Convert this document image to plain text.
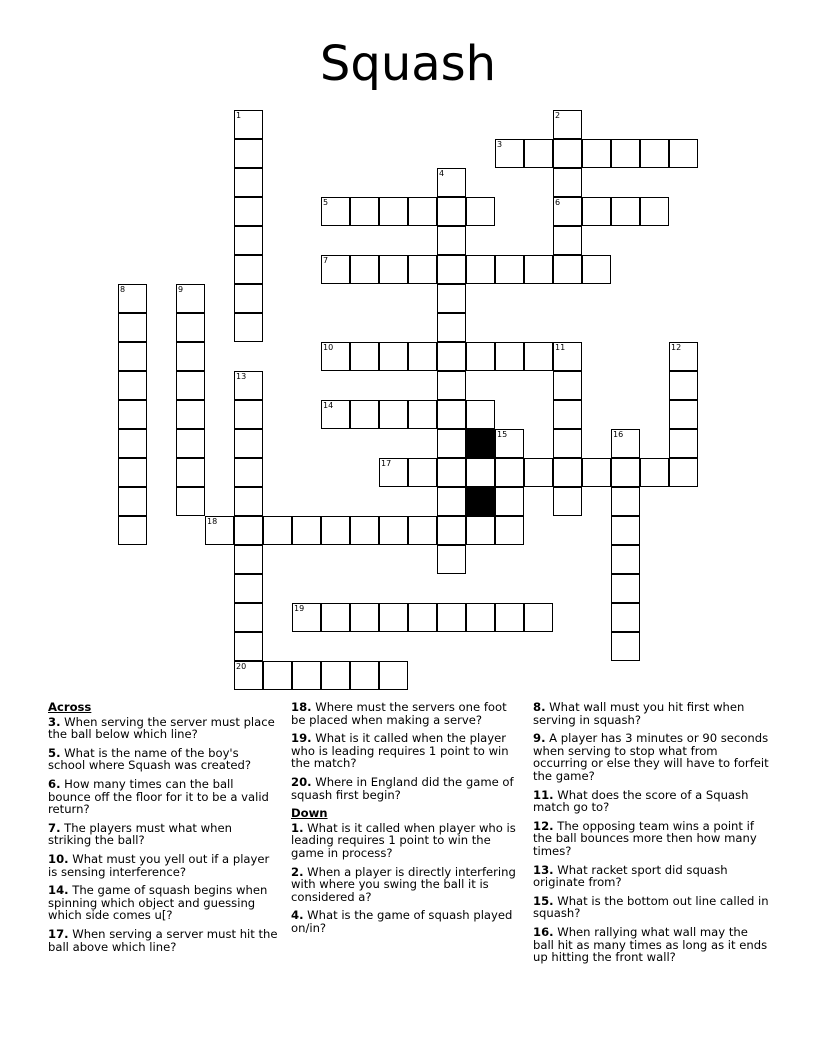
Squash
3
5	6
7
10	11
14
17
18
19
20
1	2
4
8	9
12
13
15	16
Across
3. When serving the server must place the ball below which line?
5. What is the name of the boy's school where Squash was created?
6. How many times can the ball bounce off the floor for it to be a valid return?
7. The players must what when striking the ball?
10. What must you yell out if a player is sensing interference?
14. The game of squash begins when spinning which object and guessing which side comes u[?
17. When serving a server must hit the ball above which line?
18. Where must the servers one foot be placed when making a serve?
19. What is it called when the player who is leading requires 1 point to win the match?
20. Where in England did the game of squash first begin?
Down
1. What is it called when player who is leading requires 1 point to win the game in process?
2. When a player is directly interfering with where you swing the ball it is considered a?
4. What is the game of squash played on/in?
8. What wall must you hit first when serving in squash?
9. A player has 3 minutes or 90 seconds when serving to stop what from occurring or else they will have to forfeit the game?
11. What does the score of a Squash match go to?
12. The opposing team wins a point if the ball bounces more then how many times?
13. What racket sport did squash originate from?
15. What is the bottom out line called in squash?
16. When rallying what wall may the ball hit as many times as long as it ends up hitting the front wall?
